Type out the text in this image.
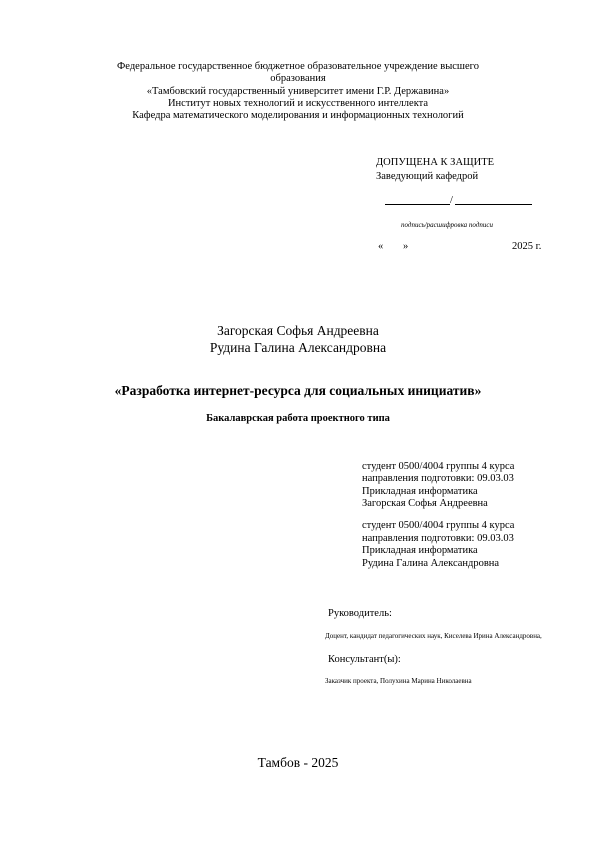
Федеральное государственное бюджетное образовательное учреждение высшего
образования
«Тамбовский государственный университет имени Г.Р. Державина»
Институт новых технологий и искусственного интеллекта
Кафедра математического моделирования и информационных технологий
ДОПУЩЕНА К ЗАЩИТЕ
Заведующий кафедрой
/
подпись/расшифровка подписи
« »	2025 г.
Загорская Софья Андреевна
Рудина Галина Александровна
«Разработка интернет-ресурса для социальных инициатив»
Бакалаврская работа проектного типа
студент 0500/4004 группы 4 курса
направления подготовки: 09.03.03
Прикладная информатика
Загорская Софья Андреевна
студент 0500/4004 группы 4 курса
направления подготовки: 09.03.03
Прикладная информатика
Рудина Галина Александровна
Руководитель:
Доцент, кандидат педагогических наук, Киселева Ирина Александровна,
Консультант(ы):
Заказчик проекта, Полухина Марина Николаевна
Тамбов - 2025
